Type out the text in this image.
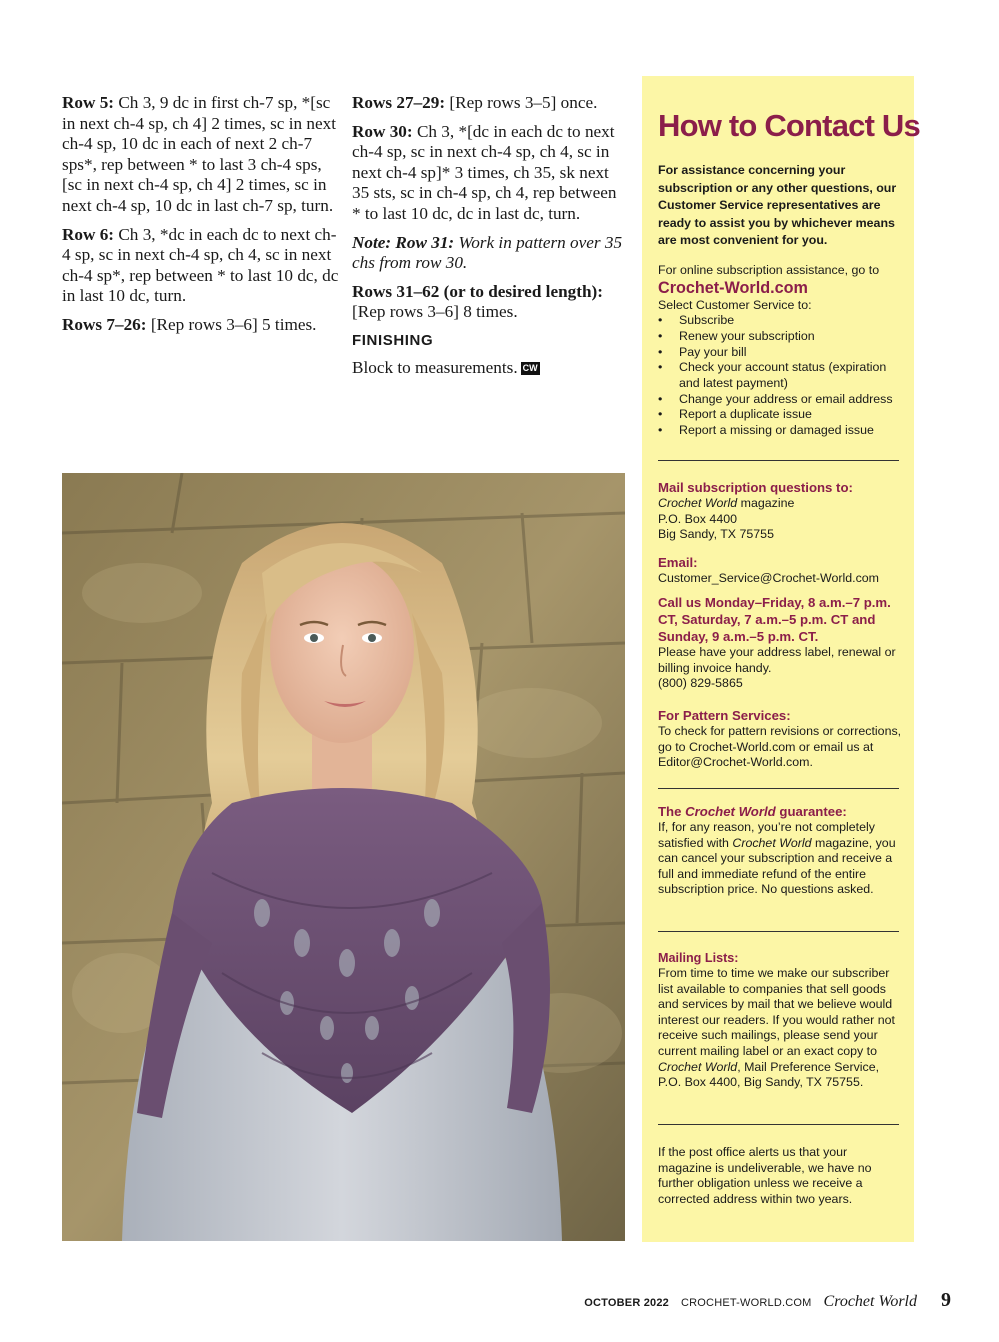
Row 5: Ch 3, 9 dc in first ch-7 sp, *[sc in next ch-4 sp, ch 4] 2 times, sc in next ch-4 sp, 10 dc in each of next 2 ch-7 sps*, rep between * to last 3 ch-4 sps, [sc in next ch-4 sp, ch 4] 2 times, sc in next ch-4 sp, 10 dc in last ch-7 sp, turn.

Row 6: Ch 3, *dc in each dc to next ch-4 sp, sc in next ch-4 sp, ch 4, sc in next ch-4 sp*, rep between * to last 10 dc, dc in last 10 dc, turn.

Rows 7–26: [Rep rows 3–6] 5 times.

Rows 27–29: [Rep rows 3–5] once.

Row 30: Ch 3, *[dc in each dc to next ch-4 sp, sc in next ch-4 sp, ch 4, sc in next ch-4 sp]* 3 times, ch 35, sk next 35 sts, sc in ch-4 sp, ch 4, rep between * to last 10 dc, dc in last dc, turn.

Note: Row 31: Work in pattern over 35 chs from row 30.

Rows 31–62 (or to desired length): [Rep rows 3–6] 8 times.

FINISHING

Block to measurements. CW

How to Contact Us
For assistance concerning your subscription or any other questions, our Customer Service representatives are ready to assist you by whichever means are most convenient for you.
For online subscription assistance, go to
Crochet-World.com
Select Customer Service to:
• Subscribe
• Renew your subscription
• Pay your bill
• Check your account status (expiration and latest payment)
• Change your address or email address
• Report a duplicate issue
• Report a missing or damaged issue
Mail subscription questions to:

Crochet World magazine

P.O. Box 4400

Big Sandy, TX 75755

Email:

Customer_Service@Crochet-World.com

Call us Monday–Friday, 8 a.m.–7 p.m. CT, Saturday, 7 a.m.–5 p.m. CT and Sunday, 9 a.m.–5 p.m. CT.

Please have your address label, renewal or billing invoice handy.

(800) 829-5865

For Pattern Services:

To check for pattern revisions or corrections, go to Crochet-World.com or email us at Editor@Crochet-World.com.

The Crochet World guarantee:

If, for any reason, you’re not completely satisfied with Crochet World magazine, you can cancel your subscription and receive a full and immediate refund of the entire subscription price. No questions asked.

Mailing Lists:

From time to time we make our subscriber list available to companies that sell goods and services by mail that we believe would interest our readers. If you would rather not receive such mailings, please send your current mailing label or an exact copy to Crochet World, Mail Preference Service, P.O. Box 4400, Big Sandy, TX 75755.

If the post office alerts us that your magazine is undeliverable, we have no further obligation unless we receive a corrected address within two years.

OCTOBER 2022 CROCHET-WORLD.COM Crochet World 9
